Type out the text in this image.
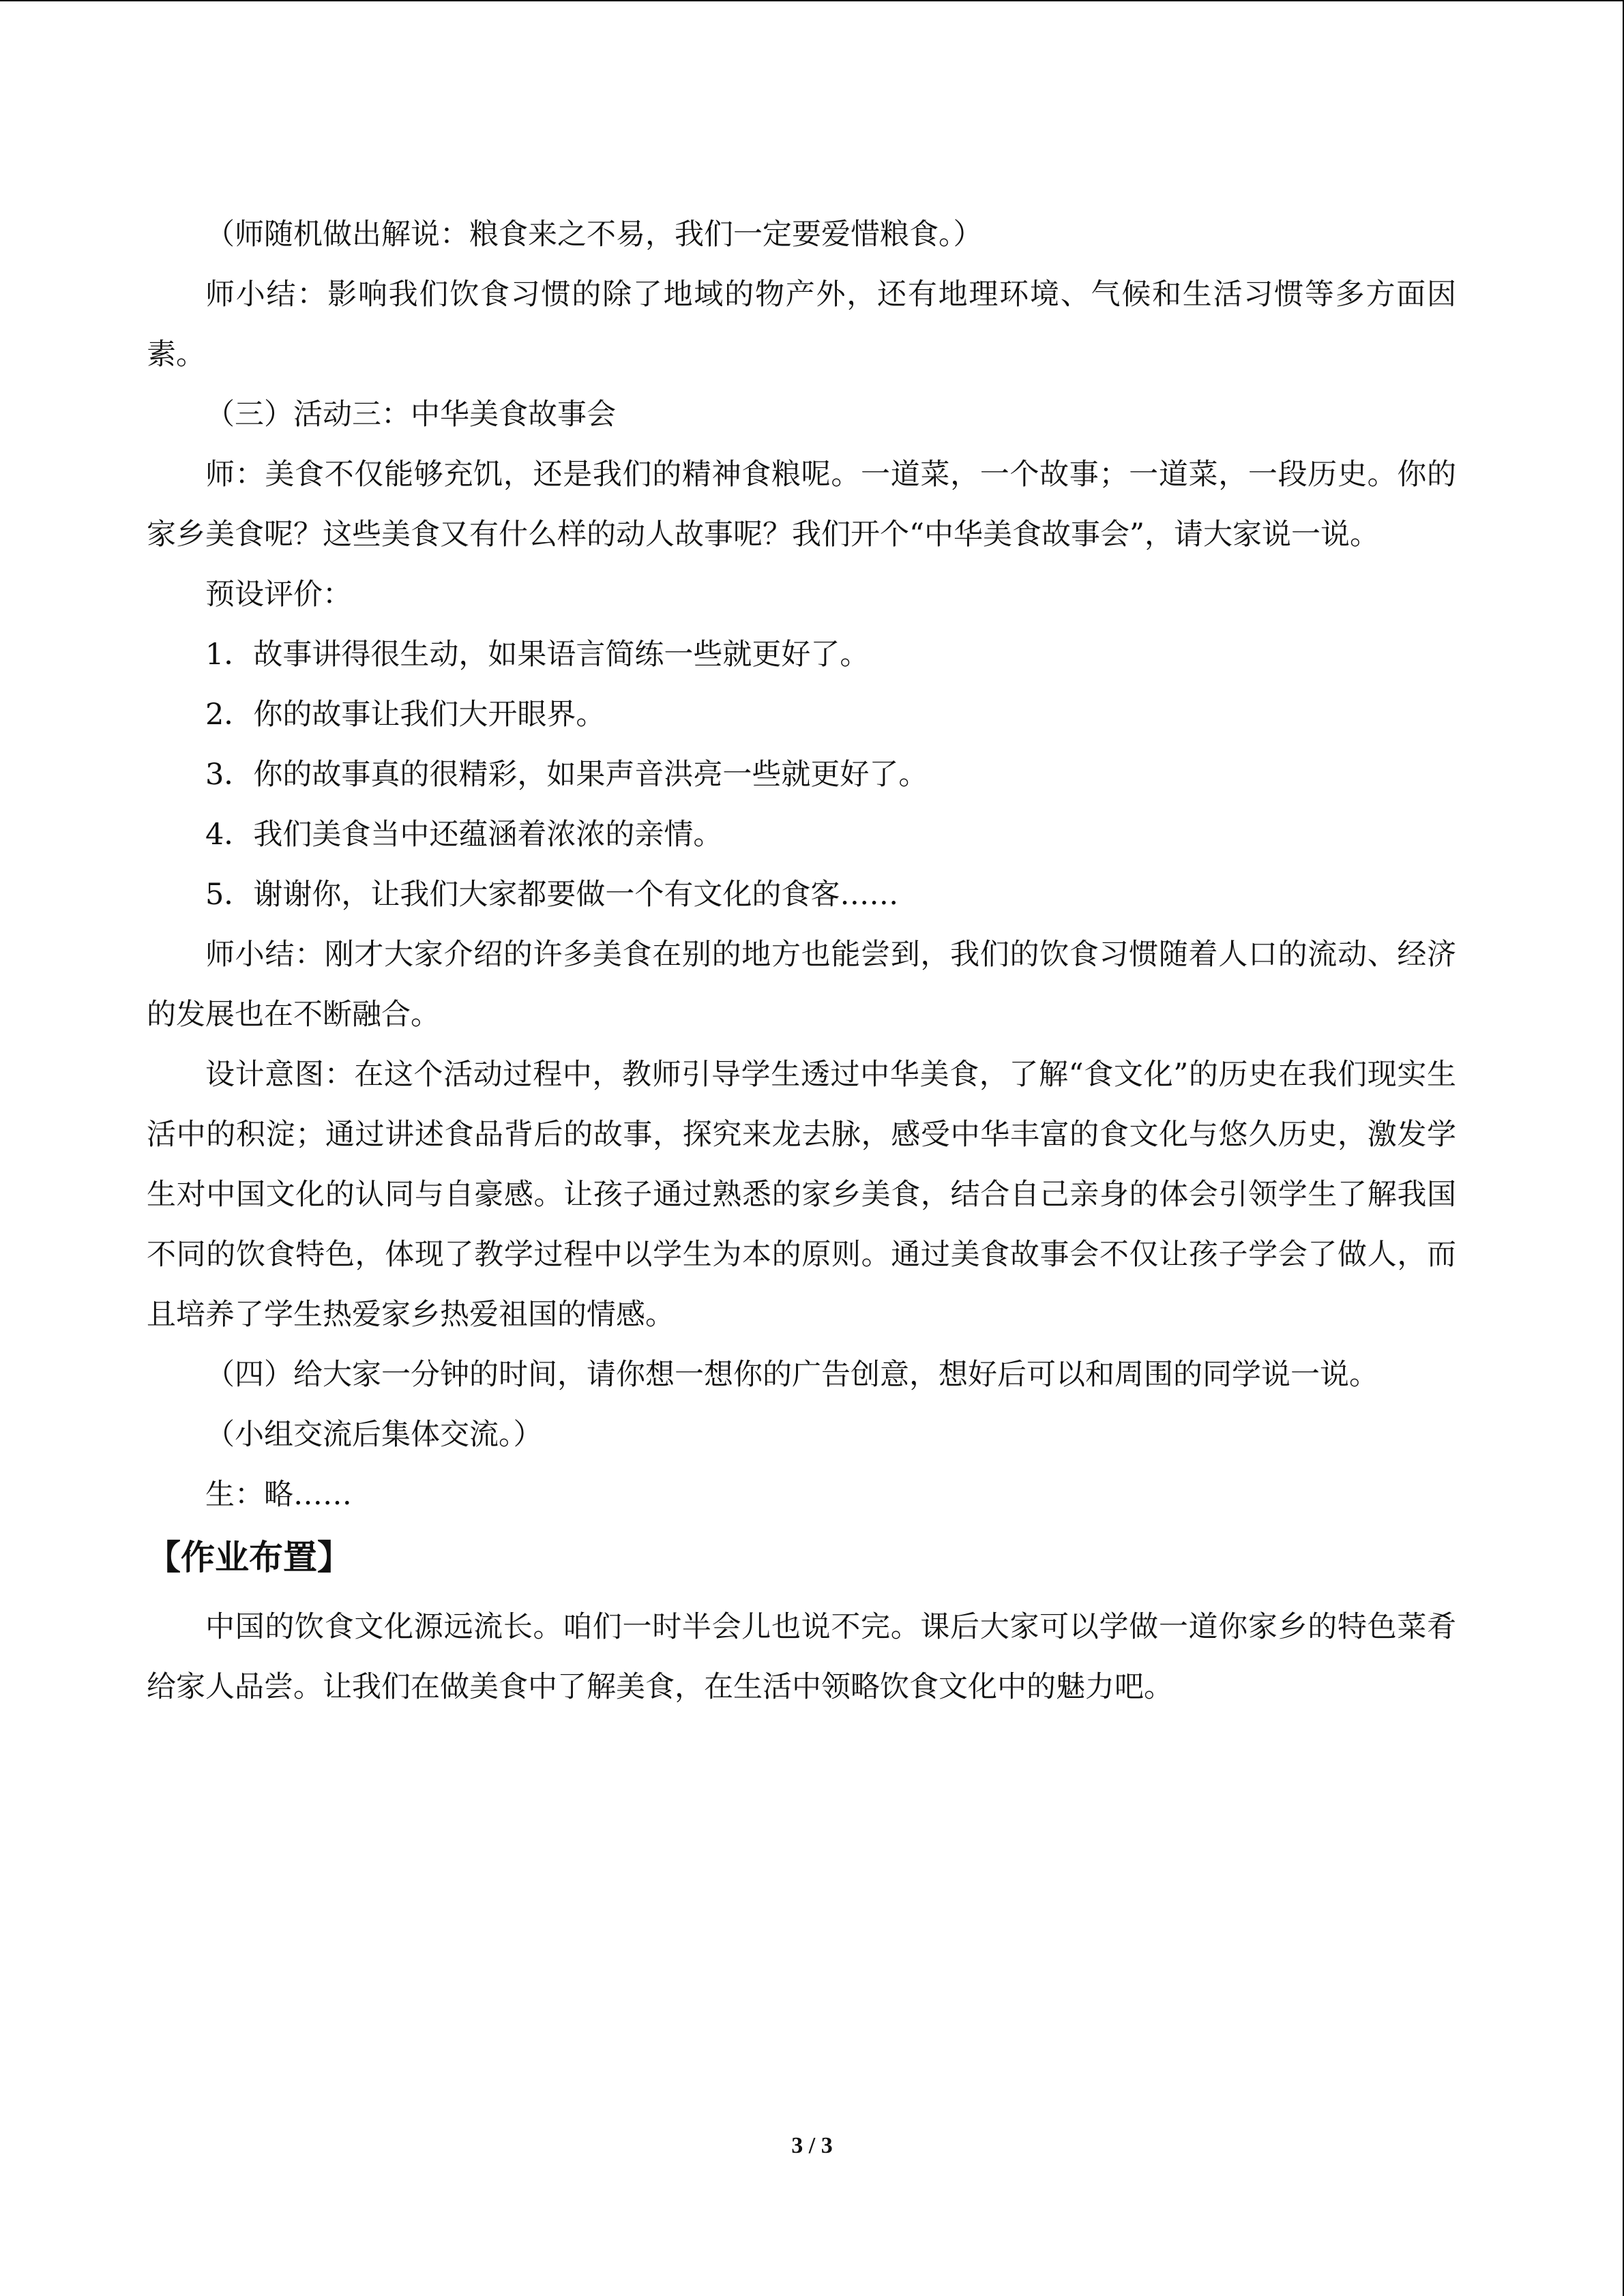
（师随机做出解说：粮食来之不易，我们一定要爱惜粮食。）

师小结：影响我们饮食习惯的除了地域的物产外，还有地理环境、气候和生活习惯等多方面因素。

（三）活动三：中华美食故事会

师：美食不仅能够充饥，还是我们的精神食粮呢。一道菜，一个故事；一道菜，一段历史。你的家乡美食呢？这些美食又有什么样的动人故事呢？我们开个“中华美食故事会”，请大家说一说。

预设评价：

1．故事讲得很生动，如果语言简练一些就更好了。

2．你的故事让我们大开眼界。

3．你的故事真的很精彩，如果声音洪亮一些就更好了。

4．我们美食当中还蕴涵着浓浓的亲情。

5．谢谢你，让我们大家都要做一个有文化的食客……

师小结：刚才大家介绍的许多美食在别的地方也能尝到，我们的饮食习惯随着人口的流动、经济的发展也在不断融合。

设计意图：在这个活动过程中，教师引导学生透过中华美食，了解“食文化”的历史在我们现实生活中的积淀；通过讲述食品背后的故事，探究来龙去脉，感受中华丰富的食文化与悠久历史，激发学生对中国文化的认同与自豪感。让孩子通过熟悉的家乡美食，结合自己亲身的体会引领学生了解我国不同的饮食特色，体现了教学过程中以学生为本的原则。通过美食故事会不仅让孩子学会了做人，而且培养了学生热爱家乡热爱祖国的情感。

（四）给大家一分钟的时间，请你想一想你的广告创意，想好后可以和周围的同学说一说。

（小组交流后集体交流。）

生：略……

【作业布置】

中国的饮食文化源远流长。咱们一时半会儿也说不完。课后大家可以学做一道你家乡的特色菜肴给家人品尝。让我们在做美食中了解美食，在生活中领略饮食文化中的魅力吧。

3 / 3
